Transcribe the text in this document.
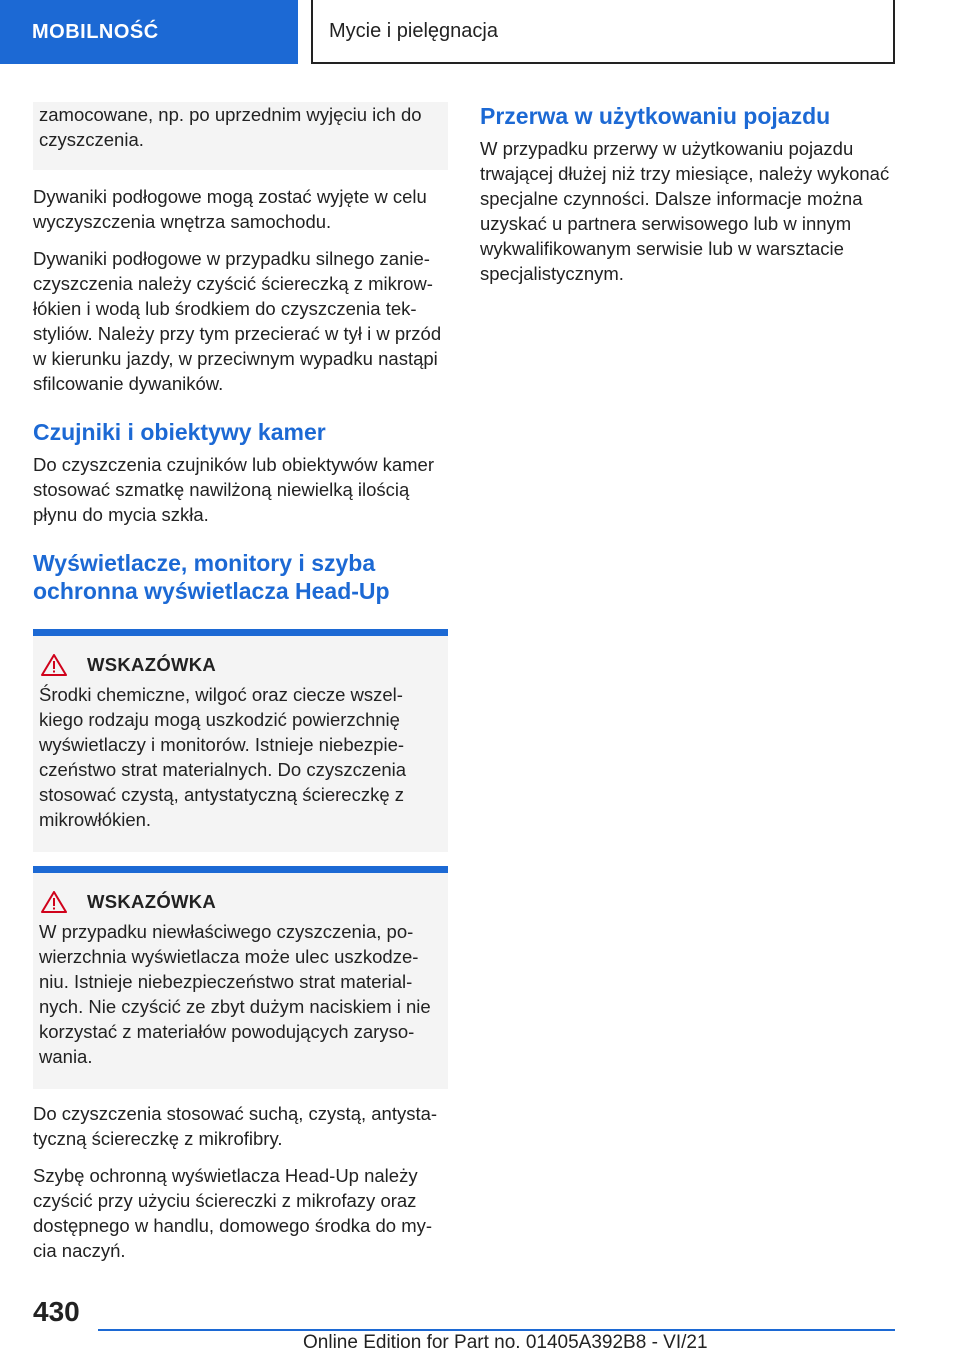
MOBILNOŚĆ	Mycie i pielęgnacja

zamocowane, np. po uprzednim wyjęciu ich do czyszczenia.

Dywaniki podłogowe mogą zostać wyjęte w celu wyczyszczenia wnętrza samochodu.

Dywaniki podłogowe w przypadku silnego zanieczyszczenia należy czyścić ściereczką z mikrowłókien i wodą lub środkiem do czyszczenia tekstyliów. Należy przy tym przecierać w tył i w przód w kierunku jazdy, w przeciwnym wypadku nastąpi sfilcowanie dywaników.

Czujniki i obiektywy kamer

Do czyszczenia czujników lub obiektywów kamer stosować szmatkę nawilżoną niewielką ilością płynu do mycia szkła.

Wyświetlacze, monitory i szyba ochronna wyświetlacza Head-Up
WSKAZÓWKA

Środki chemiczne, wilgoć oraz ciecze wszelkiego rodzaju mogą uszkodzić powierzchnię wyświetlaczy i monitorów. Istnieje niebezpieczeństwo strat materialnych. Do czyszczenia stosować czystą, antystatyczną ściereczkę z mikrowłókien.

WSKAZÓWKA

W przypadku niewłaściwego czyszczenia, powierzchnia wyświetlacza może ulec uszkodzeniu. Istnieje niebezpieczeństwo strat materialnych. Nie czyścić ze zbyt dużym naciskiem i nie korzystać z materiałów powodujących zarysowania.

Do czyszczenia stosować suchą, czystą, antystatyczną ściereczkę z mikrofibry.

Szybę ochronną wyświetlacza Head-Up należy czyścić przy użyciu ściereczki z mikrofazy oraz dostępnego w handlu, domowego środka do mycia naczyń.

Przerwa w użytkowaniu pojazdu

W przypadku przerwy w użytkowaniu pojazdu trwającej dłużej niż trzy miesiące, należy wykonać specjalne czynności. Dalsze informacje można uzyskać u partnera serwisowego lub w innym wykwalifikowanym serwisie lub w warsztacie specjalistycznym.

430
Online Edition for Part no. 01405A392B8 - VI/21
